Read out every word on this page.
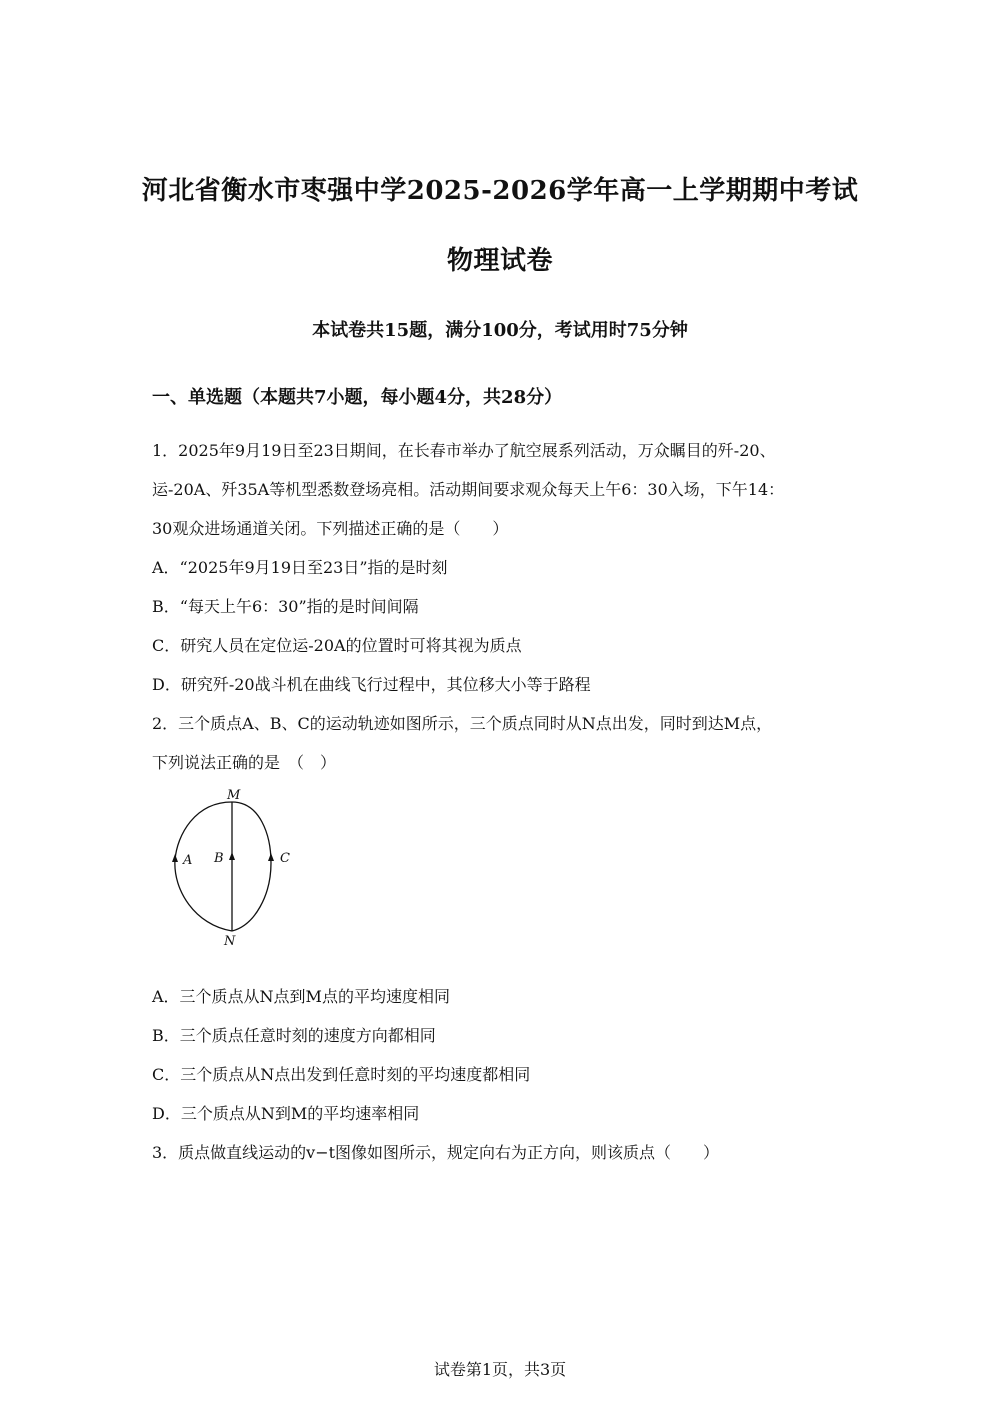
河北省衡水市枣强中学2025-2026学年高一上学期期中考试
物理试卷
本试卷共15题，满分100分，考试用时75分钟
一、单选题（本题共7小题，每小题4分，共28分）
1．2025年9月19日至23日期间，在长春市举办了航空展系列活动，万众瞩目的歼-20、
运-20A、歼35A等机型悉数登场亮相。活动期间要求观众每天上午6：30入场，下午14：
30观众进场通道关闭。下列描述正确的是（　　）
A．“2025年9月19日至23日”指的是时刻
B．“每天上午6：30”指的是时间间隔
C．研究人员在定位运-20A的位置时可将其视为质点
D．研究歼-20战斗机在曲线飞行过程中，其位移大小等于路程
2．三个质点A、B、C的运动轨迹如图所示，三个质点同时从N点出发，同时到达M点，
下列说法正确的是　（　）
M
N
A B	C
A．三个质点从N点到M点的平均速度相同
B．三个质点任意时刻的速度方向都相同
C．三个质点从N点出发到任意时刻的平均速度都相同
D．三个质点从N到M的平均速率相同
3．质点做直线运动的v−t图像如图所示，规定向右为正方向，则该质点（　　）
试卷第1页，共3页
